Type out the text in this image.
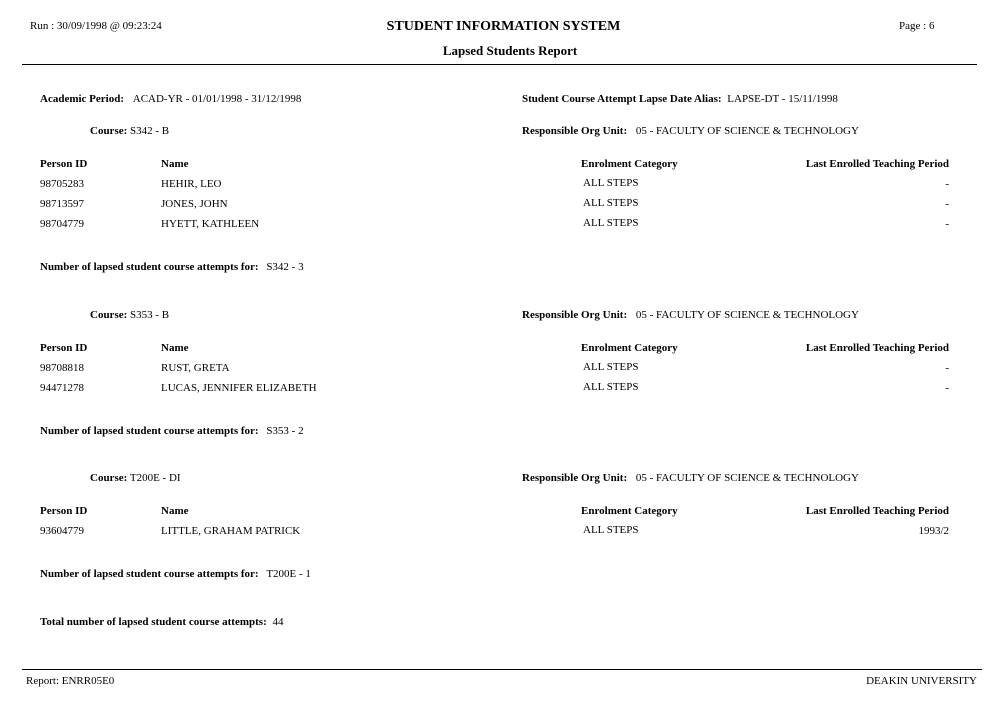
Run : 30/09/1998 @ 09:23:24	STUDENT INFORMATION SYSTEM
Lapsed Students Report
Page : 6
Academic Period: ACAD-YR - 01/01/1998 - 31/12/1998	Student Course Attempt Lapse Date Alias: LAPSE-DT - 15/11/1998
Course: S342 - B	Responsible Org Unit: 05 - FACULTY OF SCIENCE & TECHNOLOGY
Person ID	Name	Enrolment Category	Last Enrolled Teaching Period
98705283	HEHIR, LEO	ALL STEPS	-
98713597	JONES, JOHN	ALL STEPS	-
98704779	HYETT, KATHLEEN	ALL STEPS	-
Number of lapsed student course attempts for: S342 - 3
Course: S353 - B	Responsible Org Unit: 05 - FACULTY OF SCIENCE & TECHNOLOGY
Person ID	Name	Enrolment Category	Last Enrolled Teaching Period
98708818	RUST, GRETA	ALL STEPS	-
94471278	LUCAS, JENNIFER ELIZABETH	ALL STEPS	-
Number of lapsed student course attempts for: S353 - 2
Course: T200E - DI	Responsible Org Unit: 05 - FACULTY OF SCIENCE & TECHNOLOGY
Person ID	Name	Enrolment Category	Last Enrolled Teaching Period
93604779	LITTLE, GRAHAM PATRICK	ALL STEPS	1993/2
Number of lapsed student course attempts for: T200E - 1
Total number of lapsed student course attempts: 44
Report: ENRR05E0	DEAKIN UNIVERSITY
